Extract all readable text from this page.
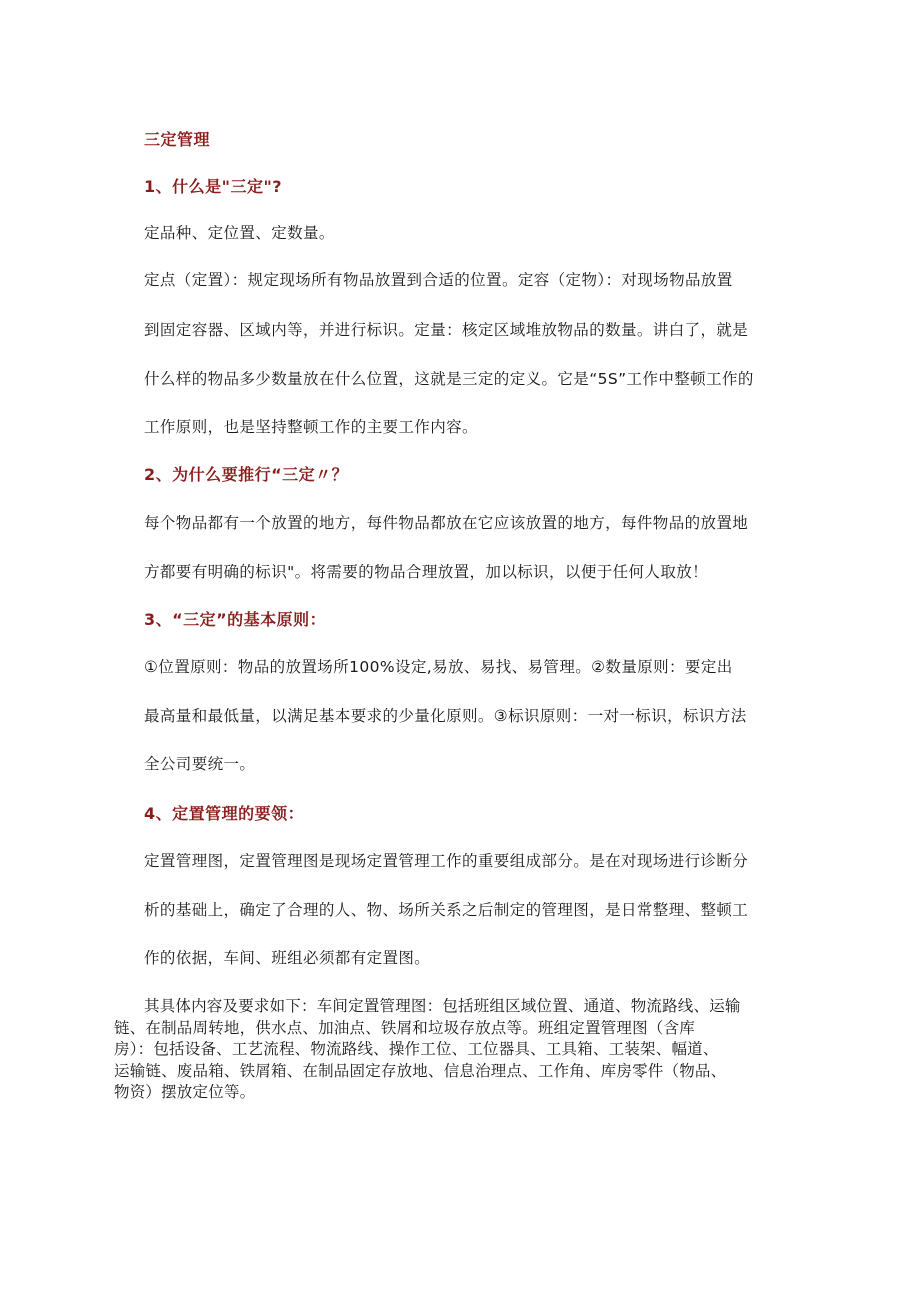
三定管理
1、什么是"三定"?
定品种、定位置、定数量。
定点（定置）：规定现场所有物品放置到合适的位置。定容（定物）：对现场物品放置
到固定容器、区域内等，并进行标识。定量：核定区域堆放物品的数量。讲白了，就是
什么样的物品多少数量放在什么位置，这就是三定的定义。它是“5S”工作中整顿工作的
工作原则，也是坚持整顿工作的主要工作内容。
2、为什么要推行“三定〃？
每个物品都有一个放置的地方，每件物品都放在它应该放置的地方，每件物品的放置地
方都要有明确的标识"。将需要的物品合理放置，加以标识，以便于任何人取放！
3、“三定”的基本原则：
①位置原则：物品的放置场所100%设定,易放、易找、易管理。②数量原则：要定出
最高量和最低量，以满足基本要求的少量化原则。③标识原则：一对一标识，标识方法
全公司要统一。
4、定置管理的要领：
定置管理图，定置管理图是现场定置管理工作的重要组成部分。是在对现场进行诊断分
析的基础上，确定了合理的人、物、场所关系之后制定的管理图，是日常整理、整顿工
作的依据，车间、班组必须都有定置图。
其具体内容及要求如下：车间定置管理图：包括班组区域位置、通道、物流路线、运输
链、在制品周转地，供水点、加油点、铁屑和垃圾存放点等。班组定置管理图（含库
房）：包括设备、工艺流程、物流路线、操作工位、工位器具、工具箱、工装架、幅道、
运输链、废品箱、铁屑箱、在制品固定存放地、信息治理点、工作角、库房零件（物品、
物资）摆放定位等。
